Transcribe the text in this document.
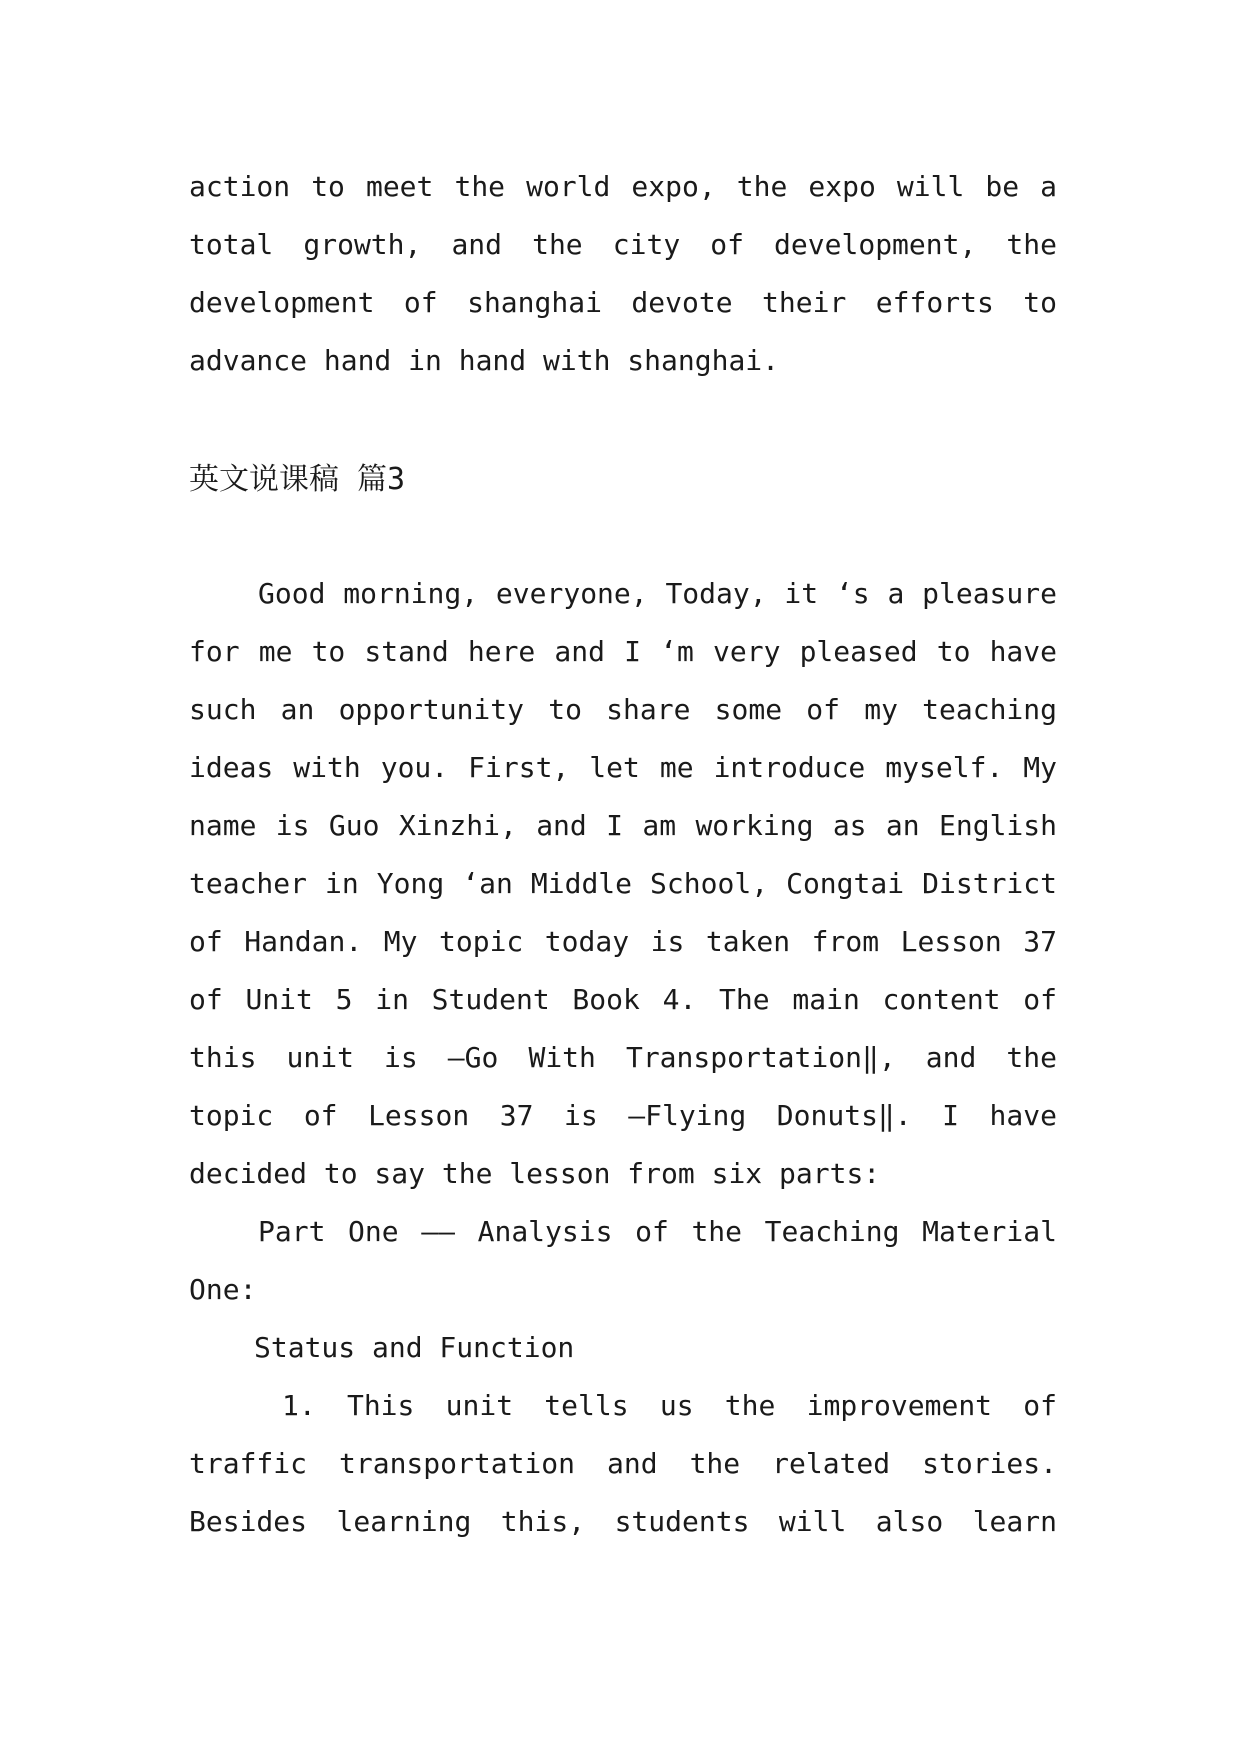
action to meet the world expo, the expo will be a
total growth, and the city of development, the
development of shanghai devote their efforts to
advance hand in hand with shanghai.
英文说课稿 篇3
Good morning, everyone, Today, it ‘s a pleasure
for me to stand here and I ‘m very pleased to have
such an opportunity to share some of my teaching
ideas with you. First, let me introduce myself. My
name is Guo Xinzhi, and I am working as an English
teacher in Yong ‘an Middle School, Congtai District
of Handan. My topic today is taken from Lesson 37
of Unit 5 in Student Book 4. The main content of
this unit is —Go With Transportation‖, and the
topic of Lesson 37 is —Flying Donuts‖. I have
decided to say the lesson from six parts:
Part One —— Analysis of the Teaching Material
One:
Status and Function
1. This unit tells us the improvement of
traffic transportation and the related stories.
Besides learning this, students will also learn
